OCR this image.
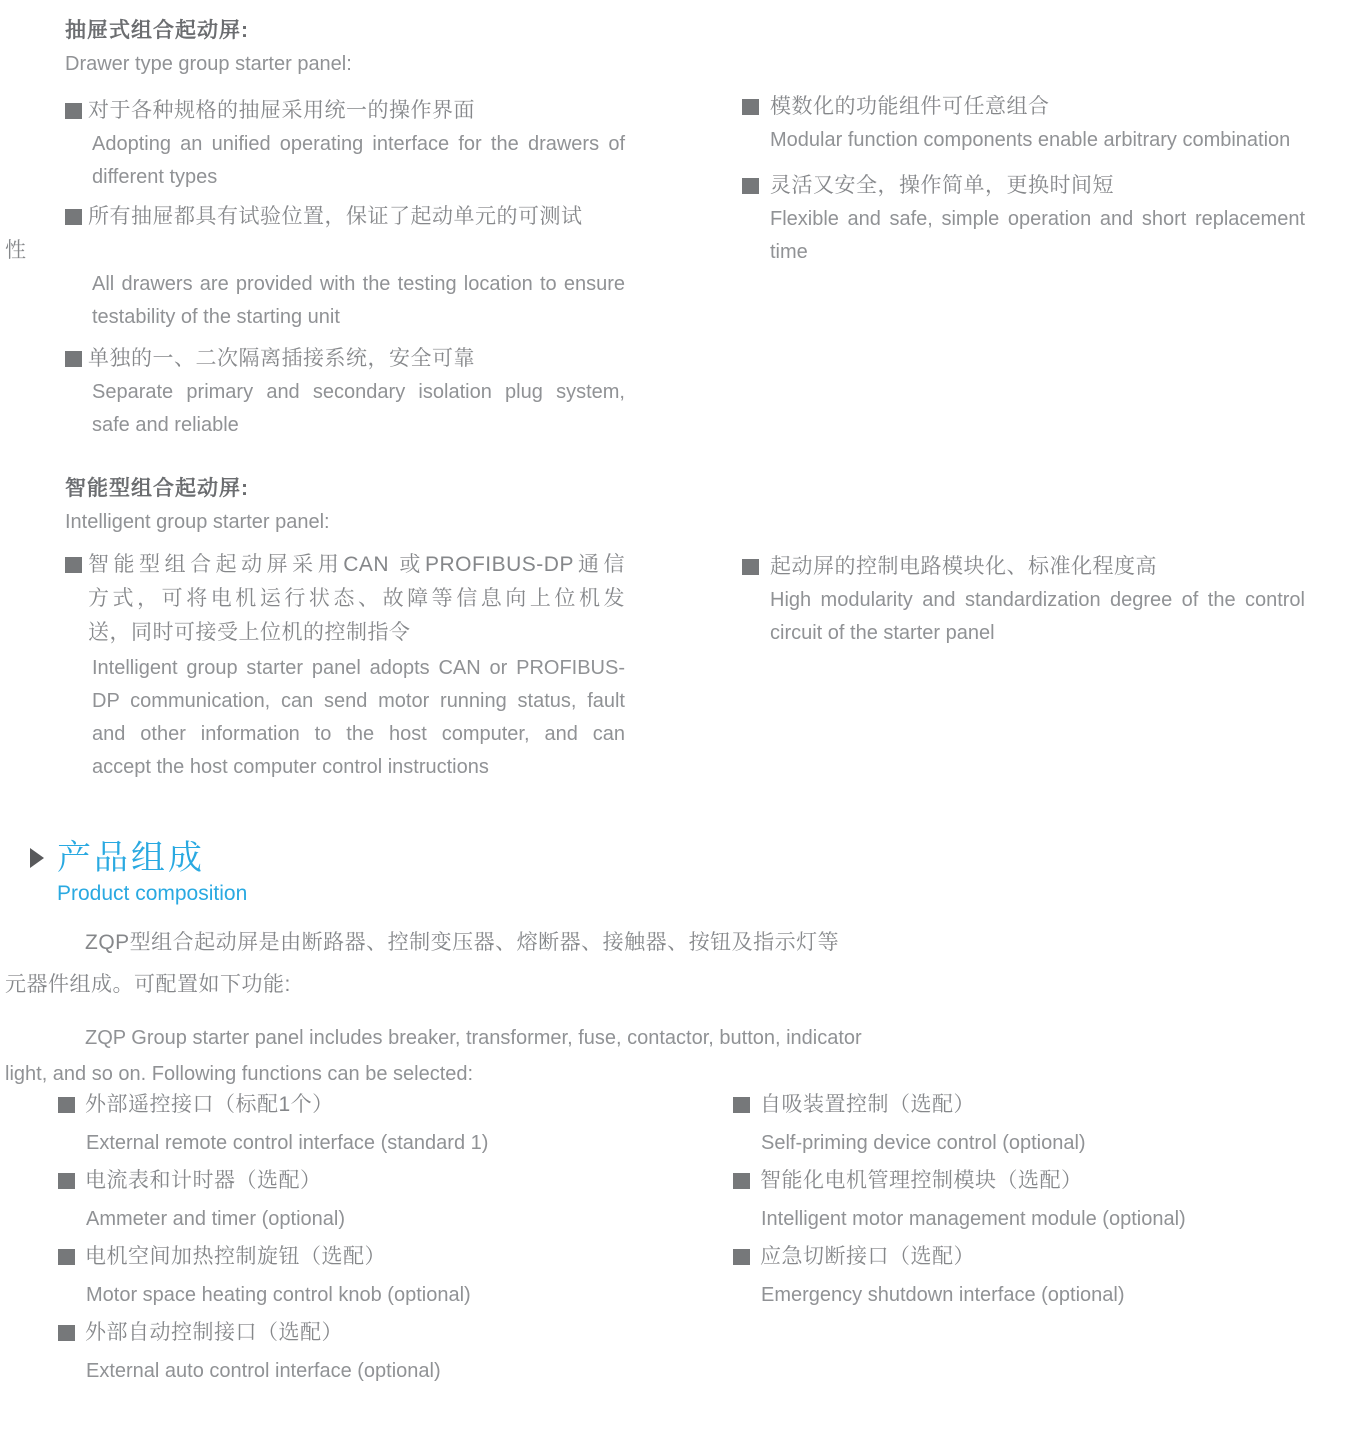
抽屉式组合起动屏:
Drawer type group starter panel:
对于各种规格的抽屉采用统一的操作界面
Adopting an unified operating interface for the drawers of
different types
所有抽屉都具有试验位置，保证了起动单元的可测试
性
All drawers are provided with the testing location to ensure
testability of the starting unit
单独的一、二次隔离插接系统，安全可靠
Separate primary and secondary isolation plug system,
safe and reliable
模数化的功能组件可任意组合
Modular function components enable arbitrary combination
灵活又安全，操作简单，更换时间短
Flexible and safe, simple operation and short replacement
time
智能型组合起动屏:
Intelligent group starter panel:
智能型组合起动屏采用CAN 或PROFIBUS-DP通信
方式，可将电机运行状态、故障等信息向上位机发
送，同时可接受上位机的控制指令
Intelligent group starter panel adopts CAN or PROFIBUS-
DP communication, can send motor running status, fault
and other information to the host computer, and can
accept the host computer control instructions
起动屏的控制电路模块化、标准化程度高
High modularity and standardization degree of the control
circuit of the starter panel
产品组成
Product composition
ZQP型组合起动屏是由断路器、控制变压器、熔断器、接触器、按钮及指示灯等
元器件组成。可配置如下功能:
ZQP Group starter panel includes breaker, transformer, fuse, contactor, button, indicator
light, and so on. Following functions can be selected:
外部遥控接口（标配1个）
External remote control interface (standard 1)
电流表和计时器（选配）
Ammeter and timer (optional)
电机空间加热控制旋钮（选配）
Motor space heating control knob (optional)
外部自动控制接口（选配）
External auto control interface (optional)
自吸装置控制（选配）
Self-priming device control (optional)
智能化电机管理控制模块（选配）
Intelligent motor management module (optional)
应急切断接口（选配）
Emergency shutdown interface (optional)
